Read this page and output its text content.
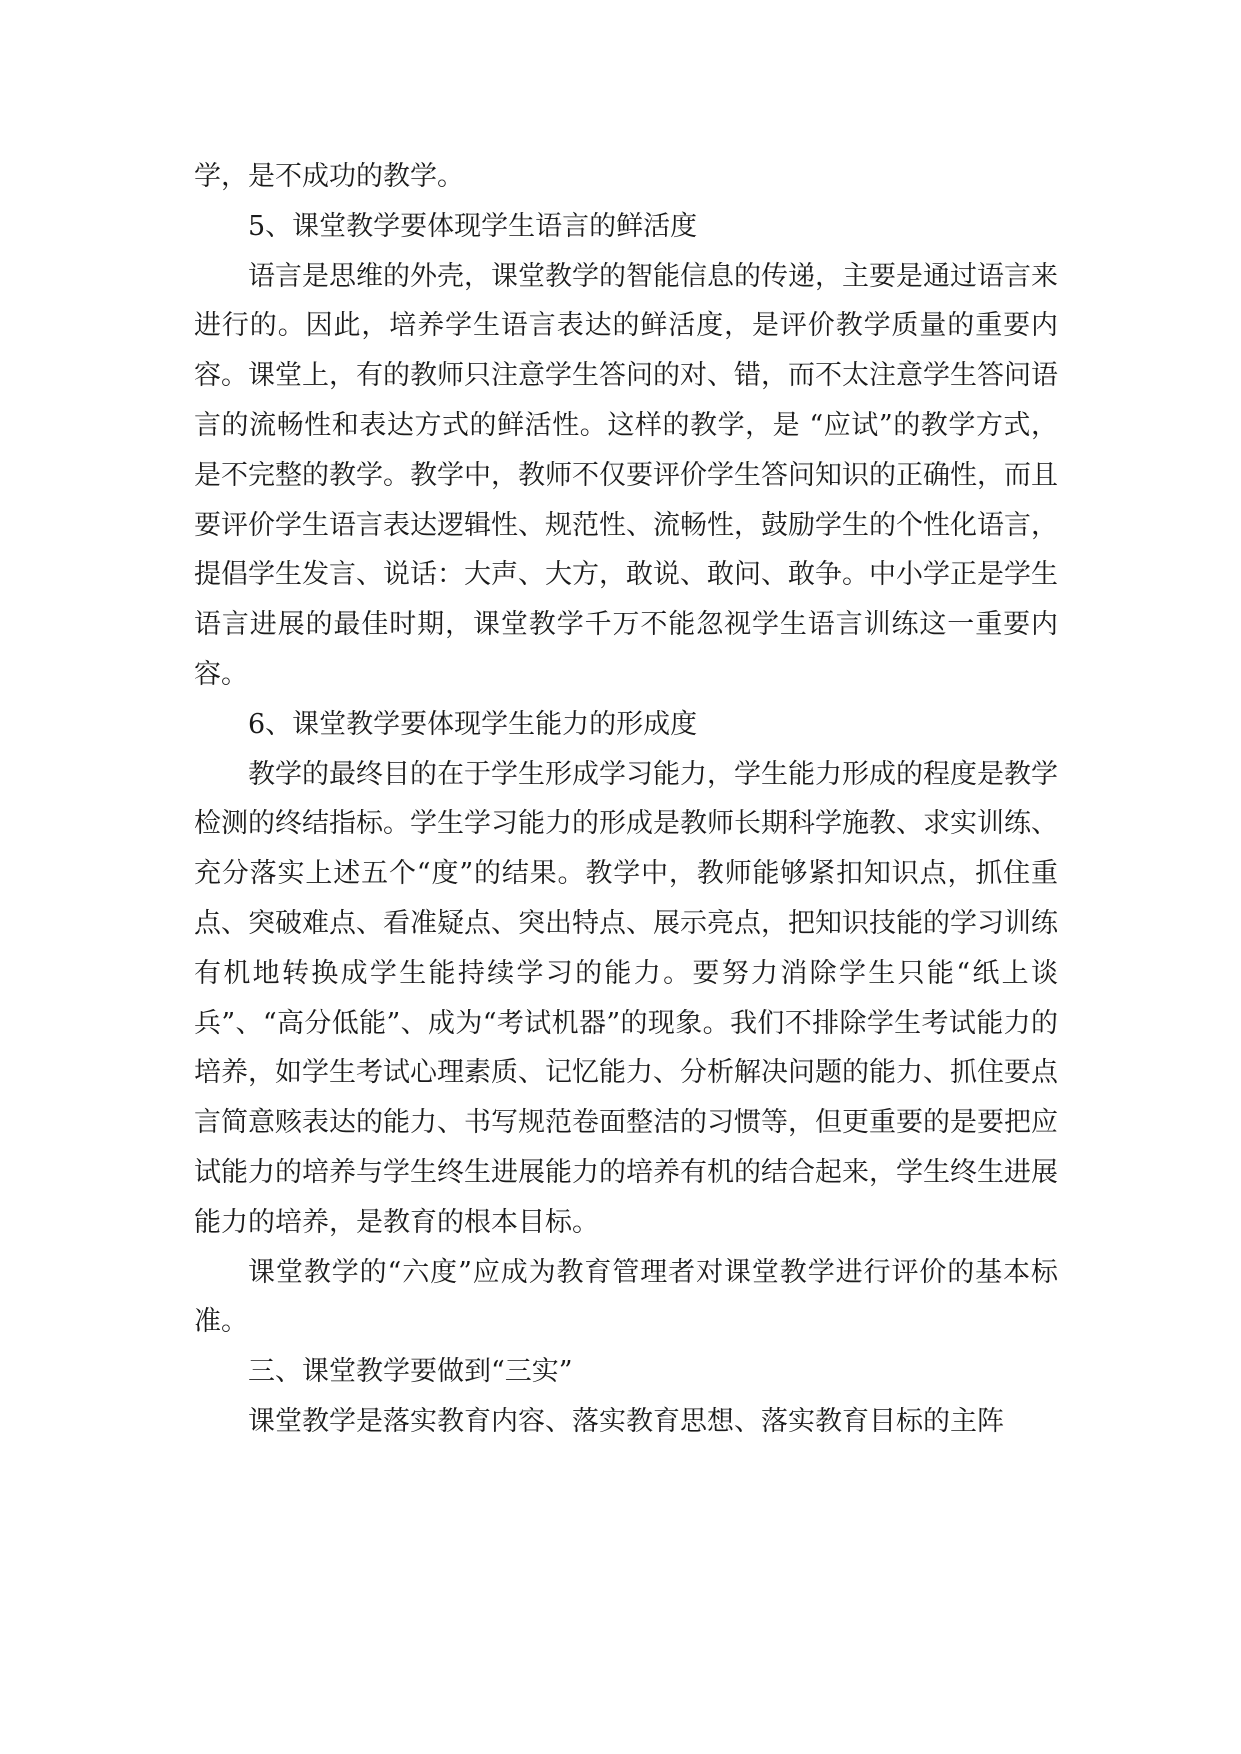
学，是不成功的教学。

5、课堂教学要体现学生语言的鲜活度

语言是思维的外壳，课堂教学的智能信息的传递，主要是通过语言来进行的。因此，培养学生语言表达的鲜活度，是评价教学质量的重要内容。课堂上，有的教师只注意学生答问的对、错，而不太注意学生答问语言的流畅性和表达方式的鲜活性。这样的教学，是 “应试”的教学方式，是不完整的教学。教学中，教师不仅要评价学生答问知识的正确性，而且要评价学生语言表达逻辑性、规范性、流畅性，鼓励学生的个性化语言，提倡学生发言、说话：大声、大方，敢说、敢问、敢争。中小学正是学生语言进展的最佳时期，课堂教学千万不能忽视学生语言训练这一重要内容。

6、课堂教学要体现学生能力的形成度

教学的最终目的在于学生形成学习能力，学生能力形成的程度是教学检测的终结指标。学生学习能力的形成是教师长期科学施教、求实训练、充分落实上述五个“度”的结果。教学中，教师能够紧扣知识点，抓住重点、突破难点、看准疑点、突出特点、展示亮点，把知识技能的学习训练有机地转换成学生能持续学习的能力。要努力消除学生只能“纸上谈兵”、“高分低能”、成为“考试机器”的现象。我们不排除学生考试能力的培养，如学生考试心理素质、记忆能力、分析解决问题的能力、抓住要点言简意赅表达的能力、书写规范卷面整洁的习惯等，但更重要的是要把应试能力的培养与学生终生进展能力的培养有机的结合起来，学生终生进展能力的培养，是教育的根本目标。

课堂教学的“六度”应成为教育管理者对课堂教学进行评价的基本标准。

三、课堂教学要做到“三实”

课堂教学是落实教育内容、落实教育思想、落实教育目标的主阵
